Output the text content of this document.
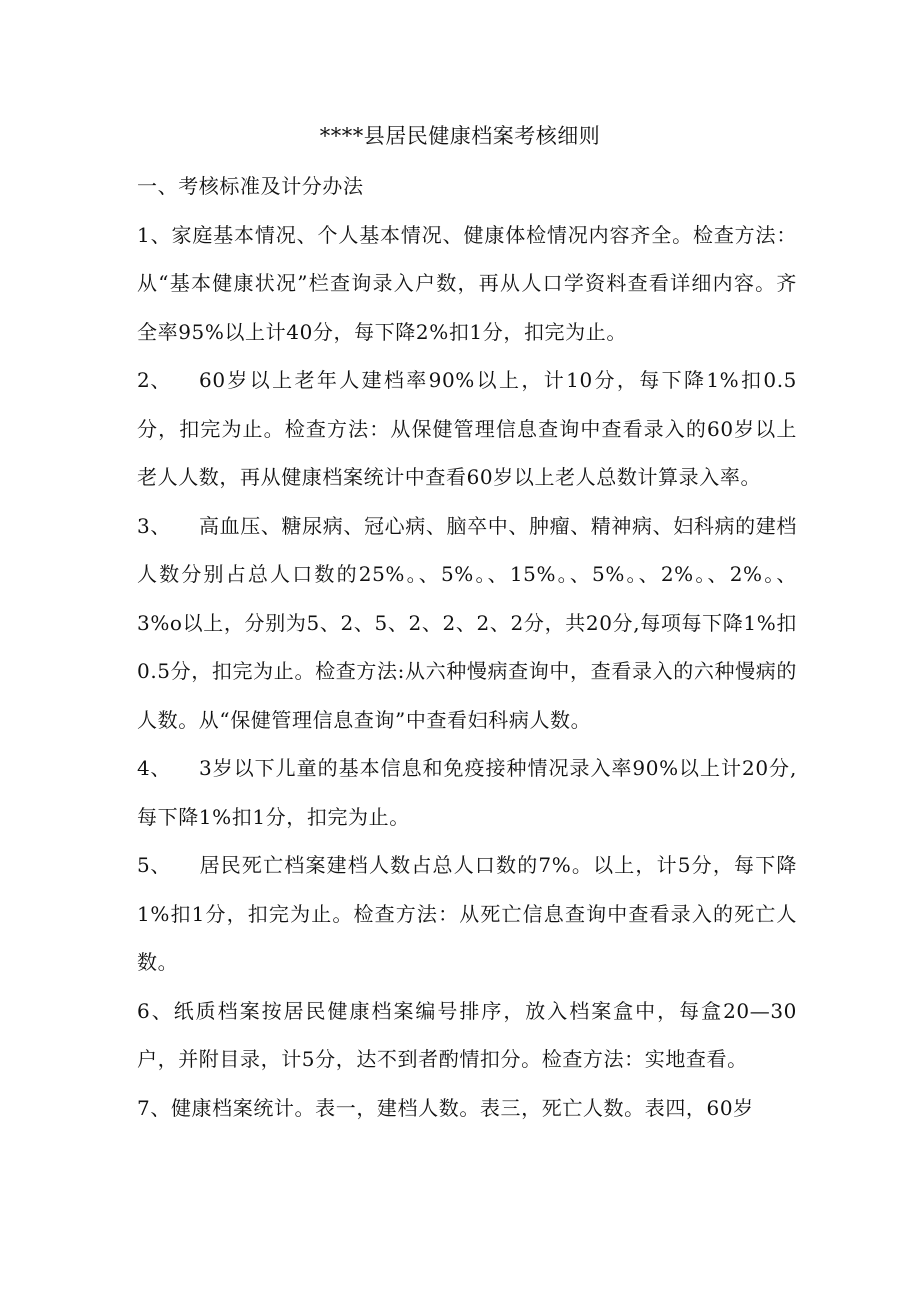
****县居民健康档案考核细则

一、考核标准及计分办法

1、家庭基本情况、个人基本情况、健康体检情况内容齐全。检查方法：从“基本健康状况”栏查询录入户数，再从人口学资料查看详细内容。齐全率95%以上计40分，每下降2%扣1分，扣完为止。

2、 60岁以上老年人建档率90%以上，计10分，每下降1%扣0.5分，扣完为止。检查方法：从保健管理信息查询中查看录入的60岁以上老人人数，再从健康档案统计中查看60岁以上老人总数计算录入率。

3、 高血压、糖尿病、冠心病、脑卒中、肿瘤、精神病、妇科病的建档人数分别占总人口数的25%。、5%。、15%。、5%。、2%。、2%。、3%o以上，分别为5、2、5、2、2、2、2分，共20分,每项每下降1%扣0.5分，扣完为止。检查方法:从六种慢病查询中，查看录入的六种慢病的人数。从“保健管理信息查询”中查看妇科病人数。

4、 3岁以下儿童的基本信息和免疫接种情况录入率90%以上计20分,每下降1%扣1分，扣完为止。

5、 居民死亡档案建档人数占总人口数的7%。以上，计5分，每下降1%扣1分，扣完为止。检查方法：从死亡信息查询中查看录入的死亡人数。

6、纸质档案按居民健康档案编号排序，放入档案盒中，每盒20—30户，并附目录，计5分，达不到者酌情扣分。检查方法：实地查看。

7、健康档案统计。表一，建档人数。表三，死亡人数。表四，60岁
